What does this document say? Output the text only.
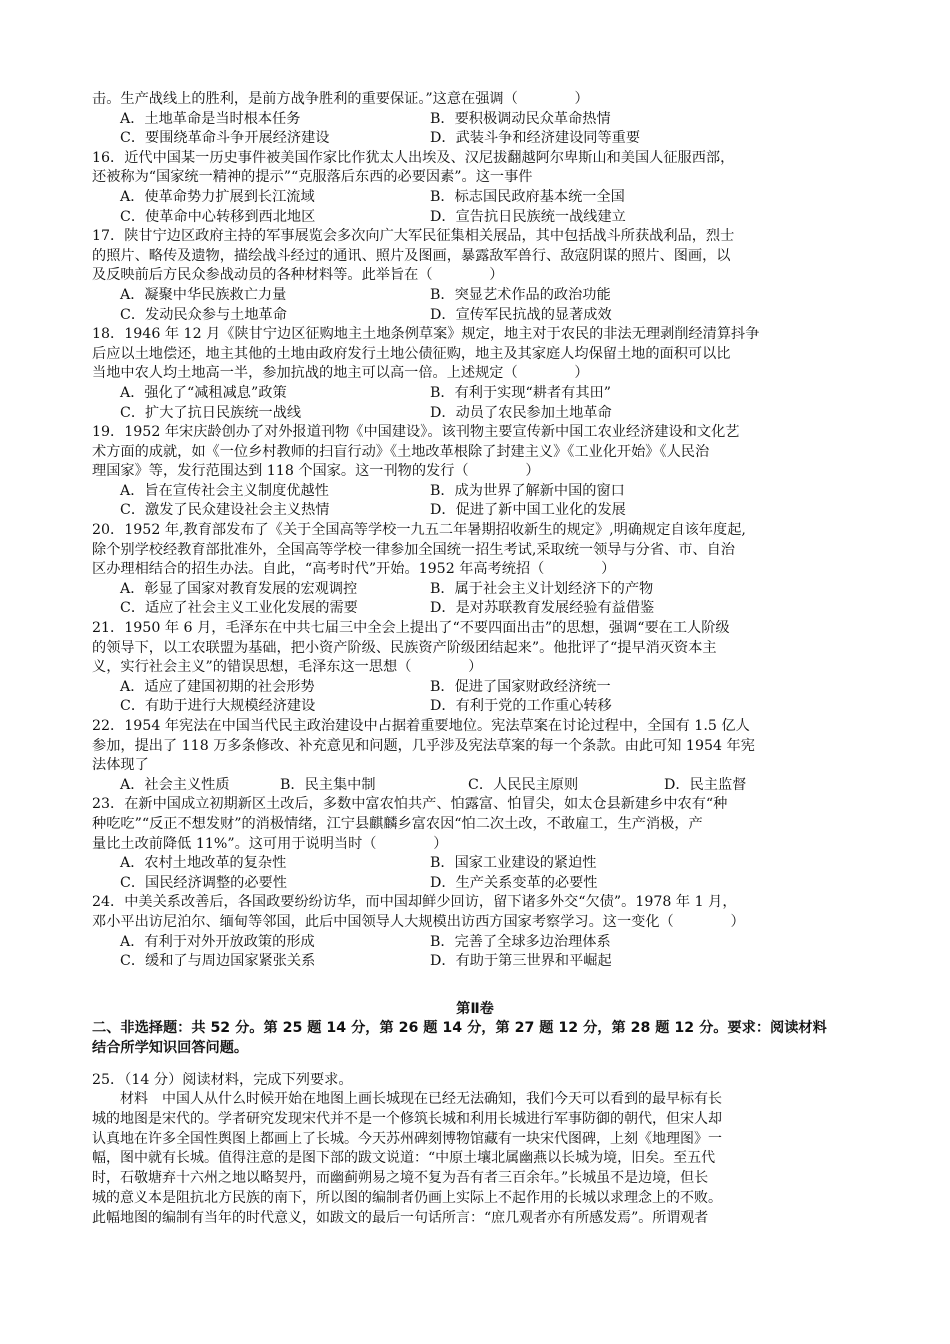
击。生产战线上的胜利，是前方战争胜利的重要保证。”这意在强调（　　　　）
A．土地革命是当时根本任务	B．要积极调动民众革命热情
C．要围绕革命斗争开展经济建设	D．武装斗争和经济建设同等重要
16．近代中国某一历史事件被美国作家比作犹太人出埃及、汉尼拔翻越阿尔卑斯山和美国人征服西部，
还被称为“国家统一精神的提示”“克服落后东西的必要因素”。这一事件
A．使革命势力扩展到长江流域	B．标志国民政府基本统一全国
C．使革命中心转移到西北地区	D．宣告抗日民族统一战线建立
17．陕甘宁边区政府主持的军事展览会多次向广大军民征集相关展品，其中包括战斗所获战利品，烈士
的照片、略传及遗物，描绘战斗经过的通讯、照片及图画，暴露敌军兽行、敌寇阴谋的照片、图画，以
及反映前后方民众参战动员的各种材料等。此举旨在（　　　　）
A．凝聚中华民族救亡力量	B．突显艺术作品的政治功能
C．发动民众参与土地革命	D．宣传军民抗战的显著成效
18．1946 年 12 月《陕甘宁边区征购地主土地条例草案》规定，地主对于农民的非法无理剥削经清算抖争
后应以土地偿还，地主其他的土地由政府发行土地公债征购，地主及其家庭人均保留土地的面积可以比
当地中农人均土地高一半，参加抗战的地主可以高一倍。上述规定（　　　　）
A．强化了“减租减息”政策	B．有利于实现“耕者有其田”
C．扩大了抗日民族统一战线	D．动员了农民参加土地革命
19．1952 年宋庆龄创办了对外报道刊物《中国建设》。该刊物主要宣传新中国工农业经济建设和文化艺
术方面的成就，如《一位乡村教师的扫盲行动》《土地改革根除了封建主义》《工业化开始》《人民治
理国家》等，发行范围达到 118 个国家。这一刊物的发行（　　　　）
A．旨在宣传社会主义制度优越性	B．成为世界了解新中国的窗口
C．激发了民众建设社会主义热情	D．促进了新中国工业化的发展
20．1952 年,教育部发布了《关于全国高等学校一九五二年暑期招收新生的规定》,明确规定自该年度起,
除个别学校经教育部批准外，全国高等学校一律参加全国统一招生考试,采取统一领导与分省、市、自治
区办理相结合的招生办法。自此，“高考时代”开始。1952 年高考统招（　　　　）
A．彰显了国家对教育发展的宏观调控	B．属于社会主义计划经济下的产物
C．适应了社会主义工业化发展的需要	D．是对苏联教育发展经验有益借鉴
21．1950 年 6 月，毛泽东在中共七届三中全会上提出了“不要四面出击”的思想，强调“要在工人阶级
的领导下，以工农联盟为基础，把小资产阶级、民族资产阶级团结起来”。他批评了“提早消灭资本主
义，实行社会主义”的错误思想，毛泽东这一思想（　　　　）
A．适应了建国初期的社会形势	B．促进了国家财政经济统一
C．有助于进行大规模经济建设	D．有利于党的工作重心转移
22．1954 年宪法在中国当代民主政治建设中占据着重要地位。宪法草案在讨论过程中，全国有 1.5 亿人
参加，提出了 118 万多条修改、补充意见和问题，几乎涉及宪法草案的每一个条款。由此可知 1954 年宪
法体现了
A．社会主义性质	B．民主集中制	C．人民民主原则	D．民主监督
23．在新中国成立初期新区土改后，多数中富农怕共产、怕露富、怕冒尖，如太仓县新建乡中农有“种
种吃吃”“反正不想发财”的消极情绪，江宁县麒麟乡富农因“怕二次土改，不敢雇工，生产消极，产
量比土改前降低 11%”。这可用于说明当时（　　　　）
A．农村土地改革的复杂性	B．国家工业建设的紧迫性
C．国民经济调整的必要性	D．生产关系变革的必要性
24．中美关系改善后，各国政要纷纷访华，而中国却鲜少回访，留下诸多外交“欠债”。1978 年 1 月，
邓小平出访尼泊尔、缅甸等邻国，此后中国领导人大规模出访西方国家考察学习。这一变化（　　　　）
A．有利于对外开放政策的形成	B．完善了全球多边治理体系
C．缓和了与周边国家紧张关系	D．有助于第三世界和平崛起
第Ⅱ卷
二、非选择题：共 52 分。第 25 题 14 分，第 26 题 14 分，第 27 题 12 分，第 28 题 12 分。要求：阅读材料
结合所学知识回答问题。
25．（14 分）阅读材料，完成下列要求。
　　材料　中国人从什么时候开始在地图上画长城现在已经无法确知，我们今天可以看到的最早标有长
城的地图是宋代的。学者研究发现宋代并不是一个修筑长城和利用长城进行军事防御的朝代，但宋人却
认真地在许多全国性舆图上都画上了长城。今天苏州碑刻博物馆藏有一块宋代图碑，上刻《地理图》一
幅，图中就有长城。值得注意的是图下部的跋文说道：“中原土壤北属幽燕以长城为境，旧矣。至五代
时，石敬塘弃十六州之地以略契丹，而幽蓟朔易之境不复为吾有者三百余年。”长城虽不是边境，但长
城的意义本是阻抗北方民族的南下，所以图的编制者仍画上实际上不起作用的长城以求理念上的不败。
此幅地图的编制有当年的时代意义，如跋文的最后一句话所言：“庶几观者亦有所感发焉”。所谓观者
